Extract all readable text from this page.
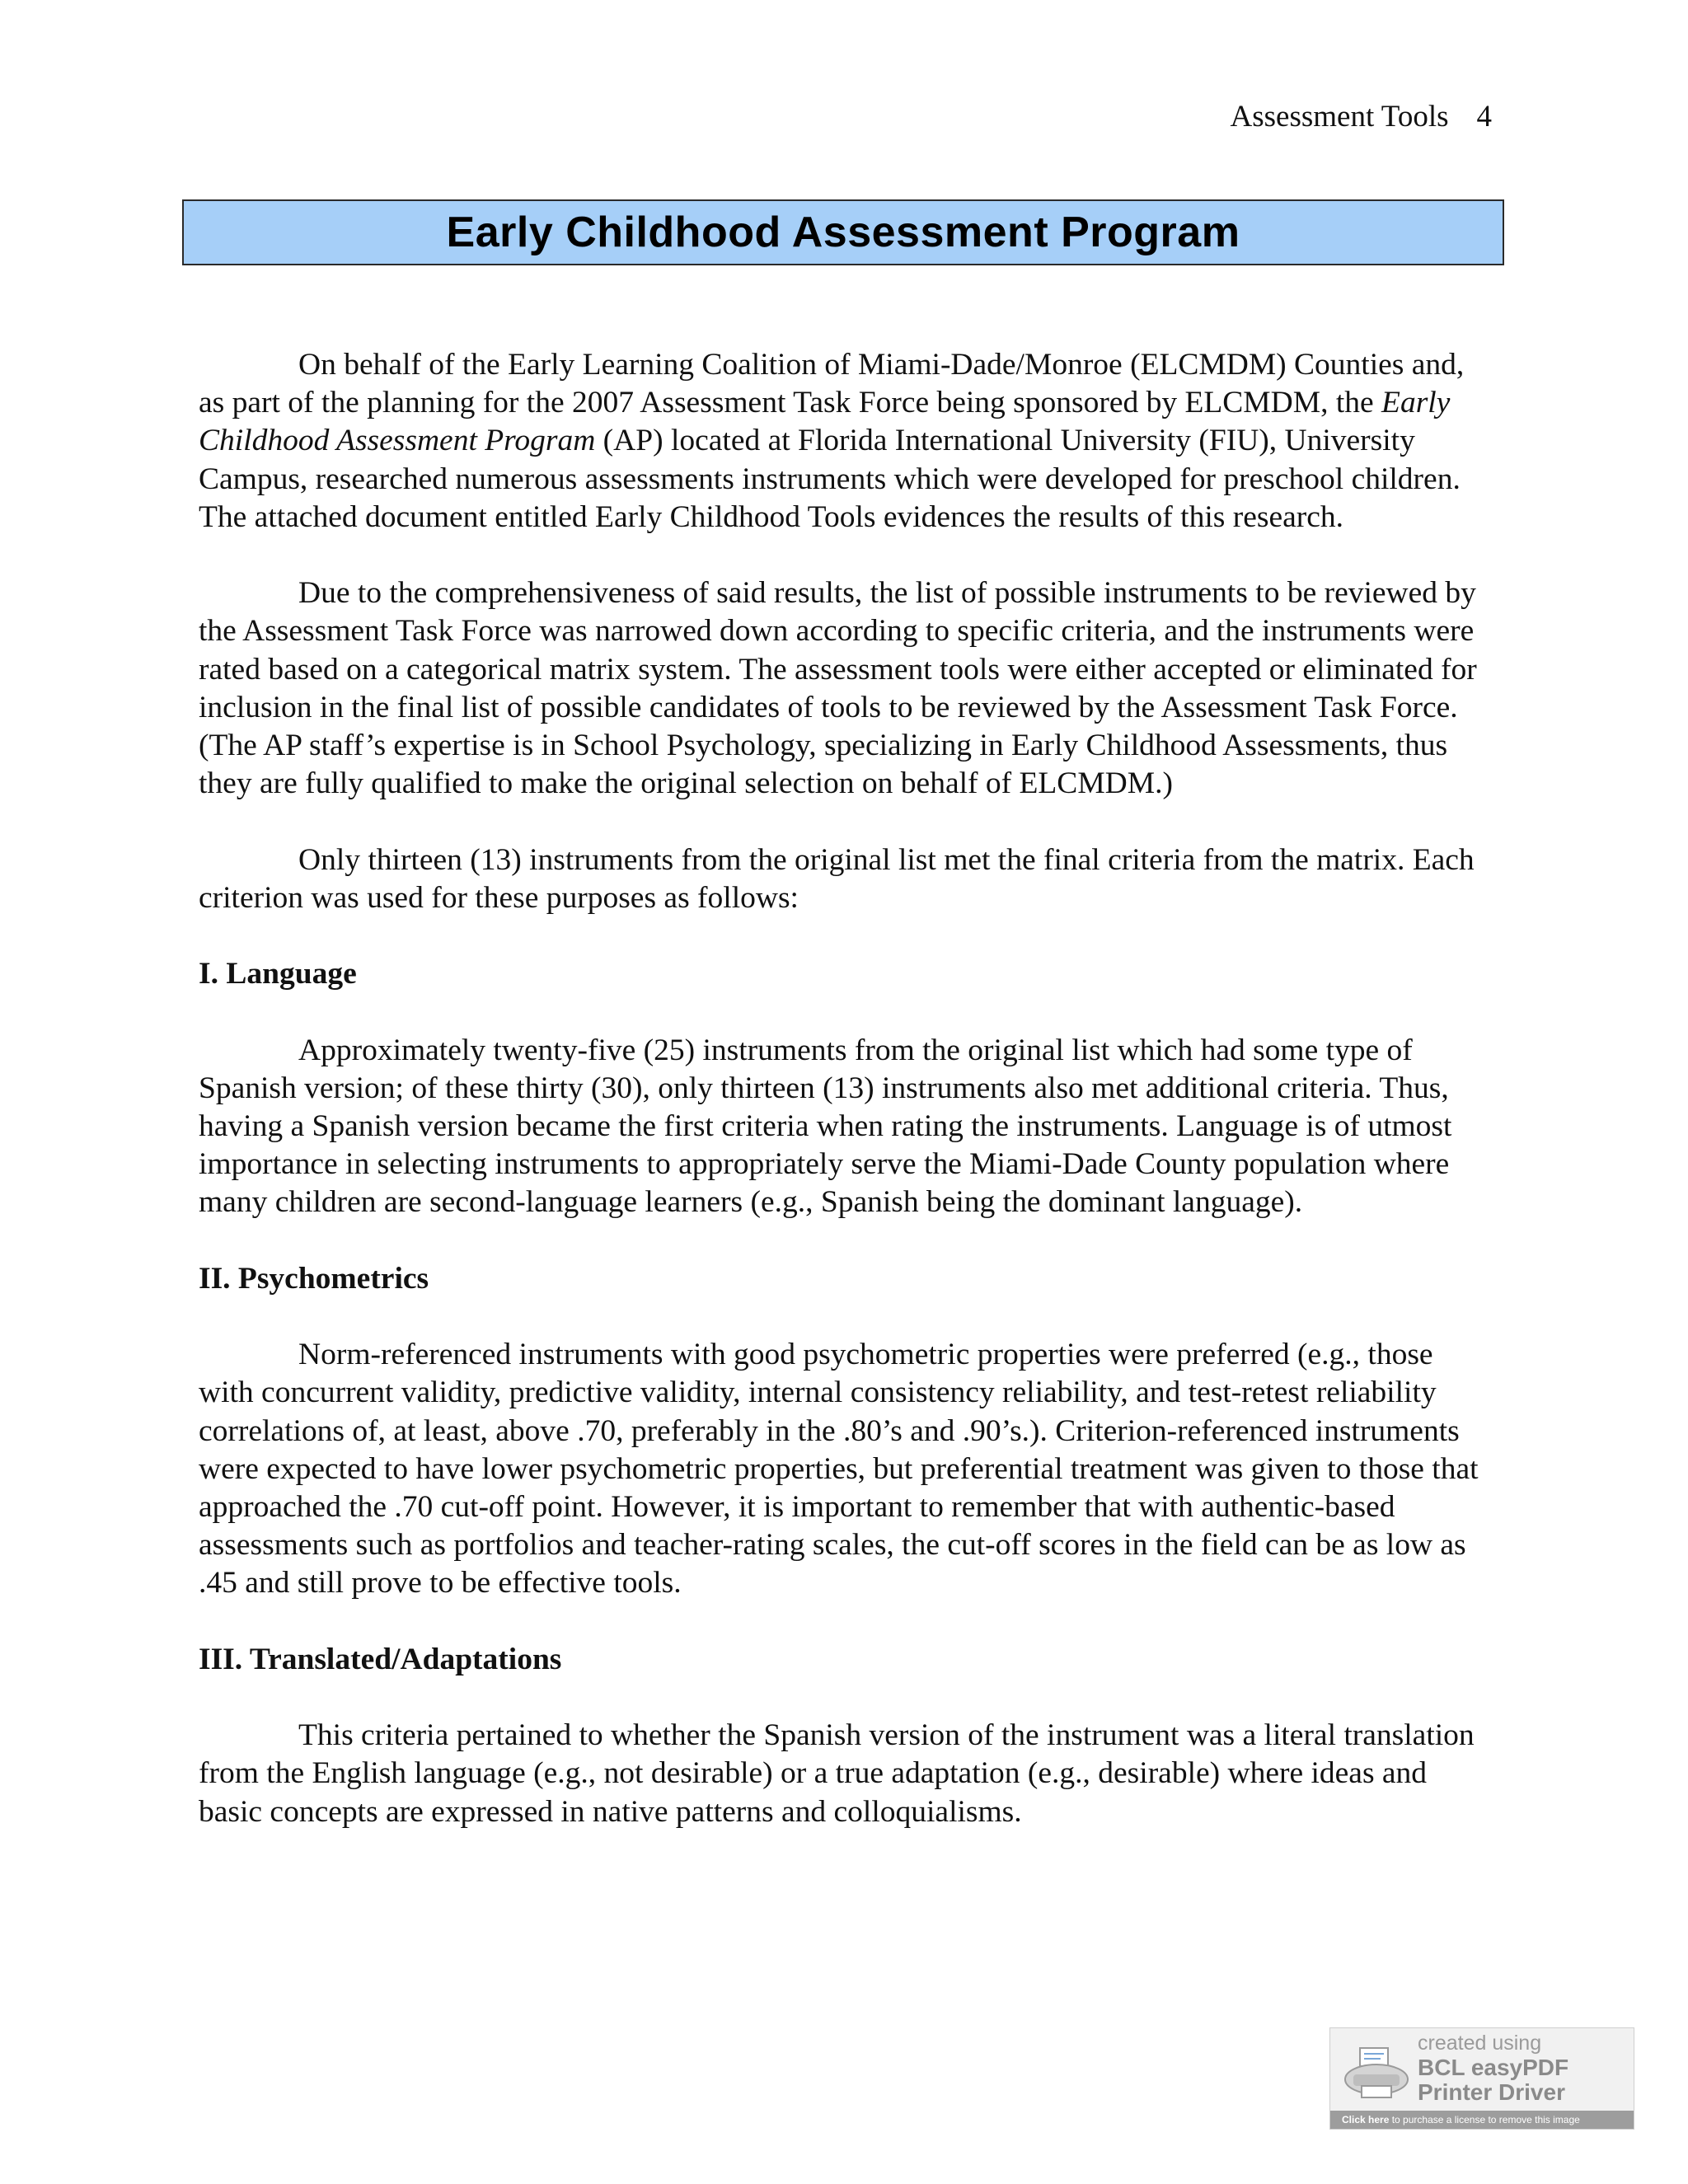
Assessment Tools 4
Early Childhood Assessment Program

On behalf of the Early Learning Coalition of Miami-Dade/Monroe (ELCMDM) Counties and, as part of the planning for the 2007 Assessment Task Force being sponsored by ELCMDM, the Early Childhood Assessment Program (AP) located at Florida International University (FIU), University Campus, researched numerous assessments instruments which were developed for preschool children. The attached document entitled Early Childhood Tools evidences the results of this research.

Due to the comprehensiveness of said results, the list of possible instruments to be reviewed by the Assessment Task Force was narrowed down according to specific criteria, and the instruments were rated based on a categorical matrix system. The assessment tools were either accepted or eliminated for inclusion in the final list of possible candidates of tools to be reviewed by the Assessment Task Force. (The AP staff’s expertise is in School Psychology, specializing in Early Childhood Assessments, thus they are fully qualified to make the original selection on behalf of ELCMDM.)

Only thirteen (13) instruments from the original list met the final criteria from the matrix. Each criterion was used for these purposes as follows:

I. Language

Approximately twenty-five (25) instruments from the original list which had some type of Spanish version; of these thirty (30), only thirteen (13) instruments also met additional criteria. Thus, having a Spanish version became the first criteria when rating the instruments. Language is of utmost importance in selecting instruments to appropriately serve the Miami-Dade County population where many children are second-language learners (e.g., Spanish being the dominant language).

II. Psychometrics

Norm-referenced instruments with good psychometric properties were preferred (e.g., those with concurrent validity, predictive validity, internal consistency reliability, and test-retest reliability correlations of, at least, above .70, preferably in the .80’s and .90’s.). Criterion-referenced instruments were expected to have lower psychometric properties, but preferential treatment was given to those that approached the .70 cut-off point. However, it is important to remember that with authentic-based assessments such as portfolios and teacher-rating scales, the cut-off scores in the field can be as low as .45 and still prove to be effective tools.

III. Translated/Adaptations

This criteria pertained to whether the Spanish version of the instrument was a literal translation from the English language (e.g., not desirable) or a true adaptation (e.g., desirable) where ideas and basic concepts are expressed in native patterns and colloquialisms.

created using
BCL easyPDF
Printer Driver
Click here to purchase a license to remove this image
